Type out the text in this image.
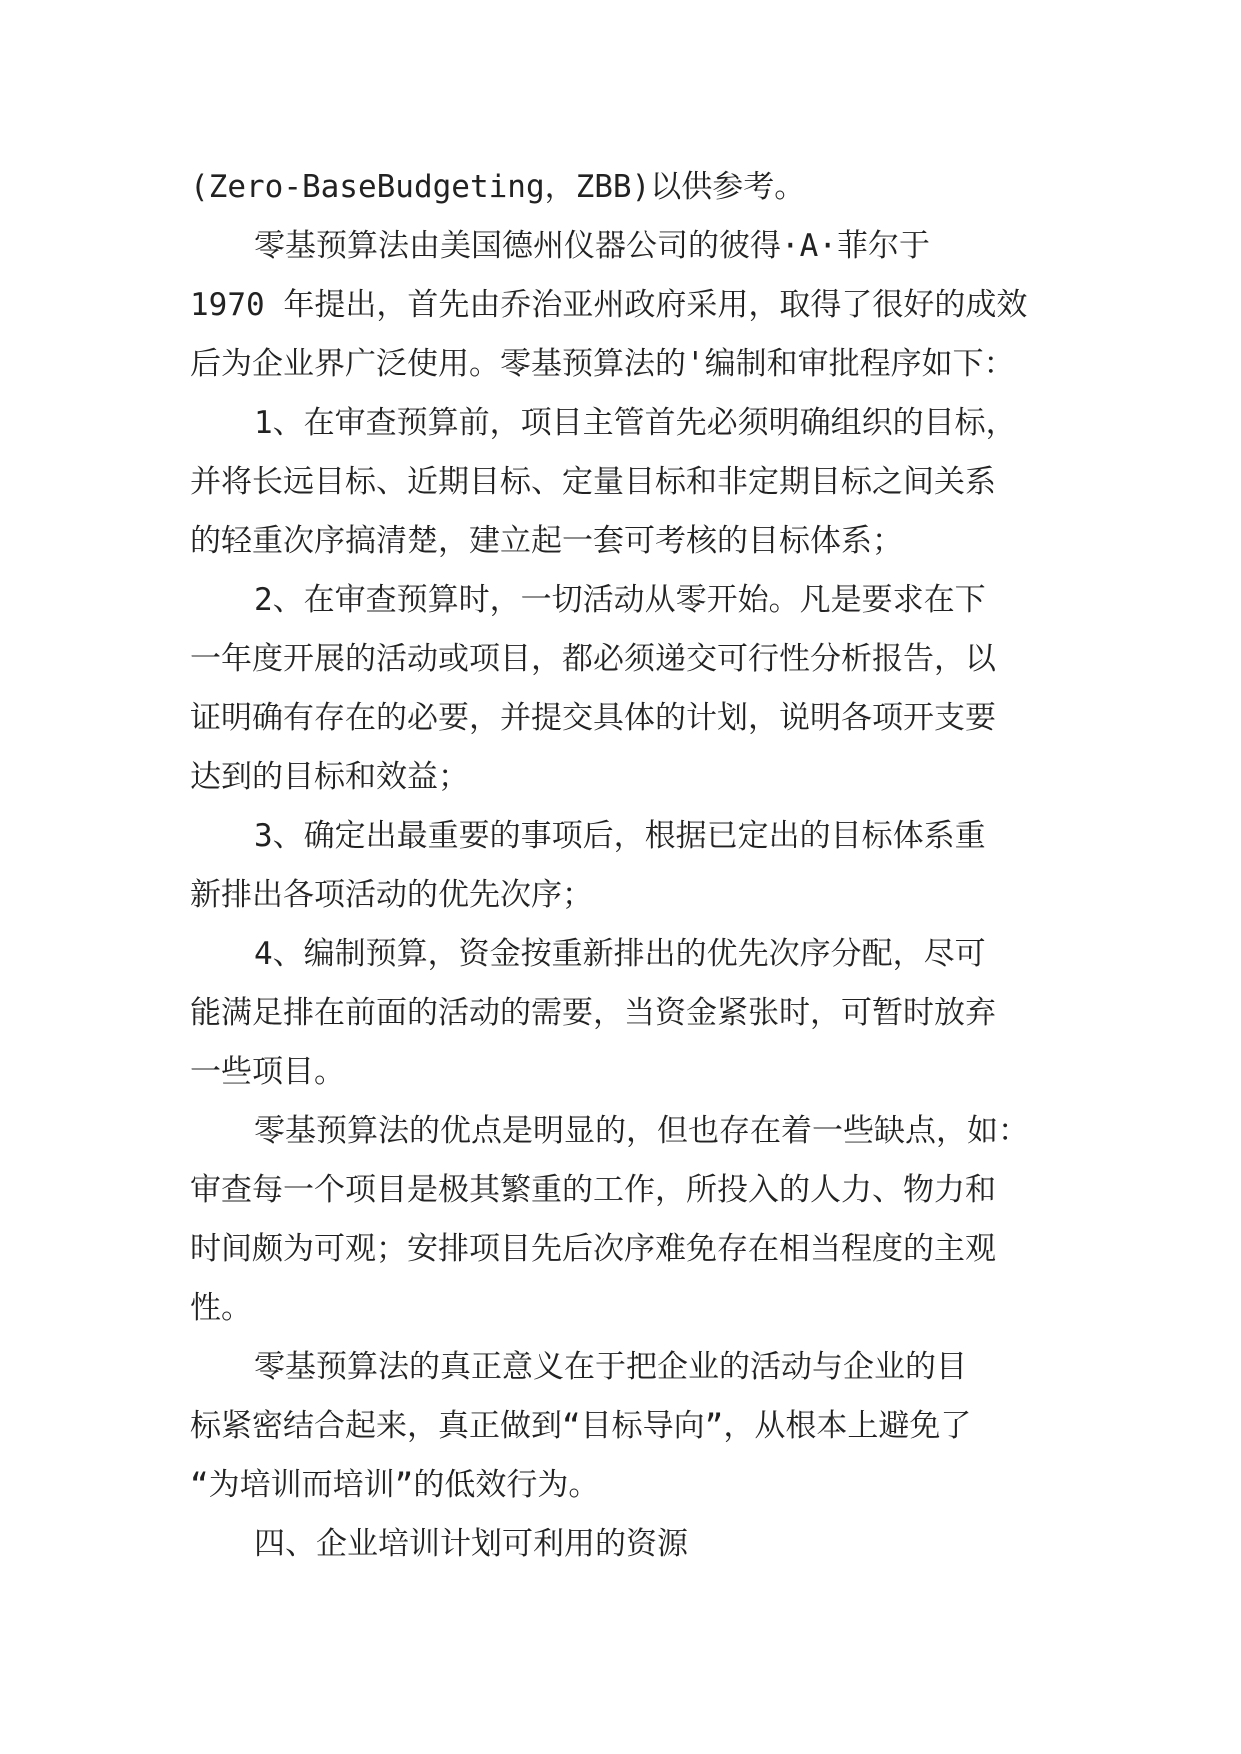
(Zero-BaseBudgeting，ZBB)以供参考。

零基预算法由美国德州仪器公司的彼得·A·菲尔于
1970 年提出，首先由乔治亚州政府采用，取得了很好的成效
后为企业界广泛使用。零基预算法的'编制和审批程序如下：

1、在审查预算前，项目主管首先必须明确组织的目标，
并将长远目标、近期目标、定量目标和非定期目标之间关系
的轻重次序搞清楚，建立起一套可考核的目标体系；

2、在审查预算时，一切活动从零开始。凡是要求在下
一年度开展的活动或项目，都必须递交可行性分析报告，以
证明确有存在的必要，并提交具体的计划，说明各项开支要
达到的目标和效益；

3、确定出最重要的事项后，根据已定出的目标体系重
新排出各项活动的优先次序；

4、编制预算，资金按重新排出的优先次序分配，尽可
能满足排在前面的活动的需要，当资金紧张时，可暂时放弃
一些项目。

零基预算法的优点是明显的，但也存在着一些缺点，如：
审查每一个项目是极其繁重的工作，所投入的人力、物力和
时间颇为可观；安排项目先后次序难免存在相当程度的主观
性。

零基预算法的真正意义在于把企业的活动与企业的目
标紧密结合起来，真正做到“目标导向”，从根本上避免了
“为培训而培训”的低效行为。

四、企业培训计划可利用的资源
